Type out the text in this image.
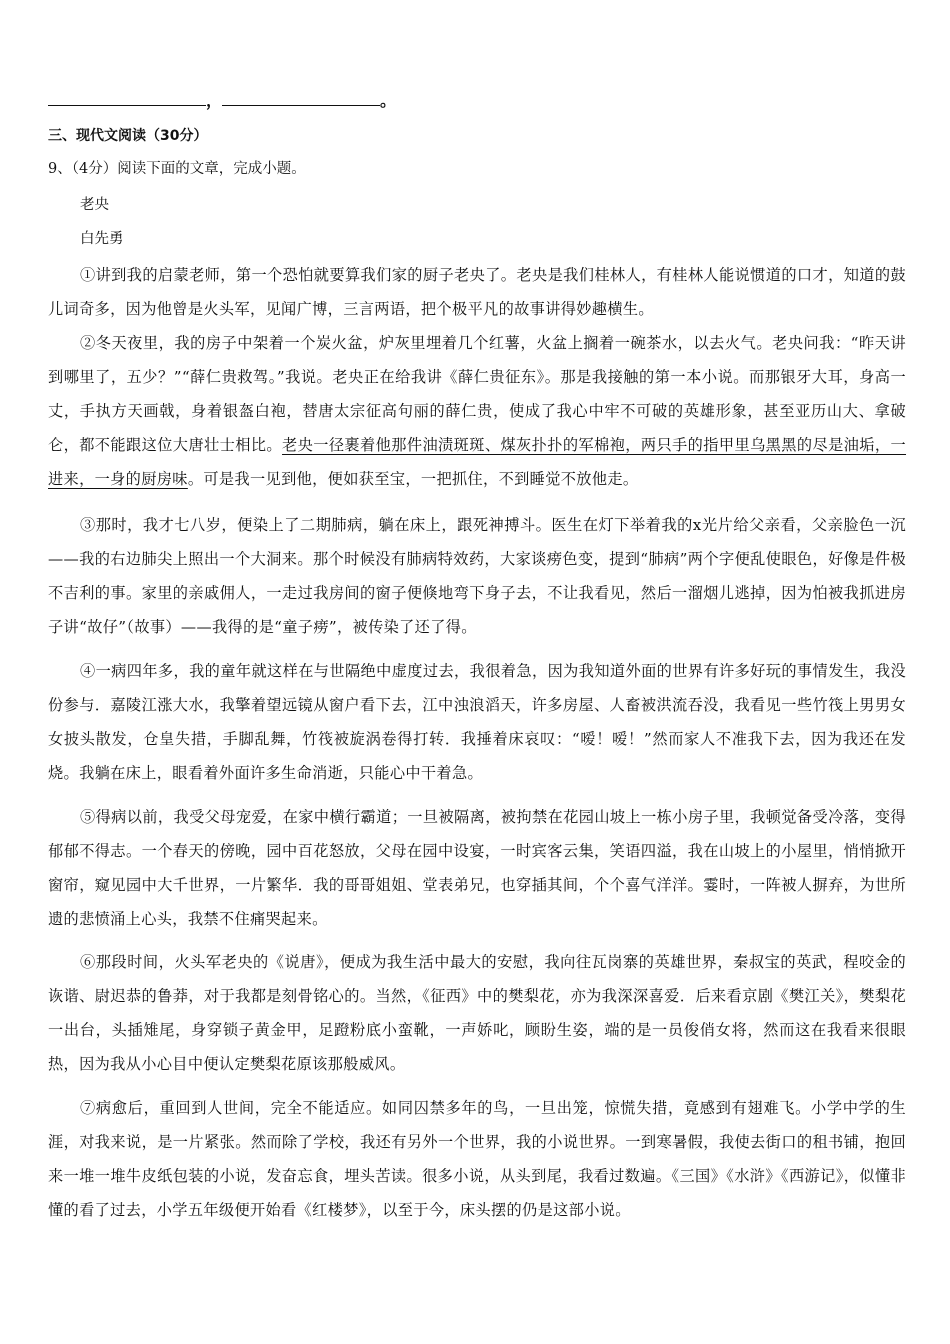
，	。
三、现代文阅读（30分）
9、（4分）阅读下面的文章，完成小题。
老央
白先勇

①讲到我的启蒙老师，第一个恐怕就要算我们家的厨子老央了。老央是我们桂林人，有桂林人能说惯道的口才，知道的鼓儿词奇多，因为他曾是火头军，见闻广博，三言两语，把个极平凡的故事讲得妙趣横生。

②冬天夜里，我的房子中架着一个炭火盆，炉灰里埋着几个红薯，火盆上搁着一碗茶水，以去火气。老央问我：“昨天讲到哪里了，五少？”“薛仁贵救驾。”我说。老央正在给我讲《薛仁贵征东》。那是我接触的第一本小说。而那银牙大耳，身高一丈，手执方天画戟，身着银盔白袍，替唐太宗征高句丽的薛仁贵，使成了我心中牢不可破的英雄形象，甚至亚历山大、拿破仑，都不能跟这位大唐壮士相比。老央一径裹着他那件油渍斑斑、煤灰扑扑的军棉袍，两只手的指甲里乌黑黑的尽是油垢，一进来，一身的厨房味。可是我一见到他，便如获至宝，一把抓住，不到睡觉不放他走。

③那时，我才七八岁，便染上了二期肺病，躺在床上，跟死神搏斗。医生在灯下举着我的x光片给父亲看，父亲脸色一沉——我的右边肺尖上照出一个大洞来。那个时候没有肺病特效药，大家谈痨色变，提到“肺病”两个字便乱使眼色，好像是件极不吉利的事。家里的亲戚佣人，一走过我房间的窗子便倏地弯下身子去，不让我看见，然后一溜烟儿逃掉，因为怕被我抓进房子讲“故仔”（故事）——我得的是“童子痨”，被传染了还了得。

④一病四年多，我的童年就这样在与世隔绝中虚度过去，我很着急，因为我知道外面的世界有许多好玩的事情发生，我没份参与．嘉陵江涨大水，我擎着望远镜从窗户看下去，江中浊浪滔天，许多房屋、人畜被洪流吞没，我看见一些竹筏上男男女女披头散发，仓皇失措，手脚乱舞，竹筏被旋涡卷得打转．我捶着床哀叹：“嗳！嗳！”然而家人不准我下去，因为我还在发烧。我躺在床上，眼看着外面许多生命消逝，只能心中干着急。

⑤得病以前，我受父母宠爱，在家中横行霸道；一旦被隔离，被拘禁在花园山坡上一栋小房子里，我顿觉备受冷落，变得郁郁不得志。一个春天的傍晚，园中百花怒放，父母在园中设宴，一时宾客云集，笑语四溢，我在山坡上的小屋里，悄悄掀开窗帘，窥见园中大千世界，一片繁华．我的哥哥姐姐、堂表弟兄，也穿插其间，个个喜气洋洋。霎时，一阵被人摒弃，为世所遗的悲愤涌上心头，我禁不住痛哭起来。

⑥那段时间，火头军老央的《说唐》，便成为我生活中最大的安慰，我向往瓦岗寨的英雄世界，秦叔宝的英武，程咬金的诙谐、尉迟恭的鲁莽，对于我都是刻骨铭心的。当然，《征西》中的樊梨花，亦为我深深喜爱．后来看京剧《樊江关》，樊梨花一出台，头插雉尾，身穿锁子黄金甲，足蹬粉底小蛮靴，一声娇叱，顾盼生姿，端的是一员俊俏女将，然而这在我看来很眼热，因为我从小心目中便认定樊梨花原该那般威风。

⑦病愈后，重回到人世间，完全不能适应。如同囚禁多年的鸟，一旦出笼，惊慌失措，竟感到有翅难飞。小学中学的生涯，对我来说，是一片紧张。然而除了学校，我还有另外一个世界，我的小说世界。一到寒暑假，我使去街口的租书铺，抱回来一堆一堆牛皮纸包装的小说，发奋忘食，埋头苦读。很多小说，从头到尾，我看过数遍。《三国》《水浒》《西游记》，似懂非懂的看了过去，小学五年级便开始看《红楼梦》，以至于今，床头摆的仍是这部小说。
